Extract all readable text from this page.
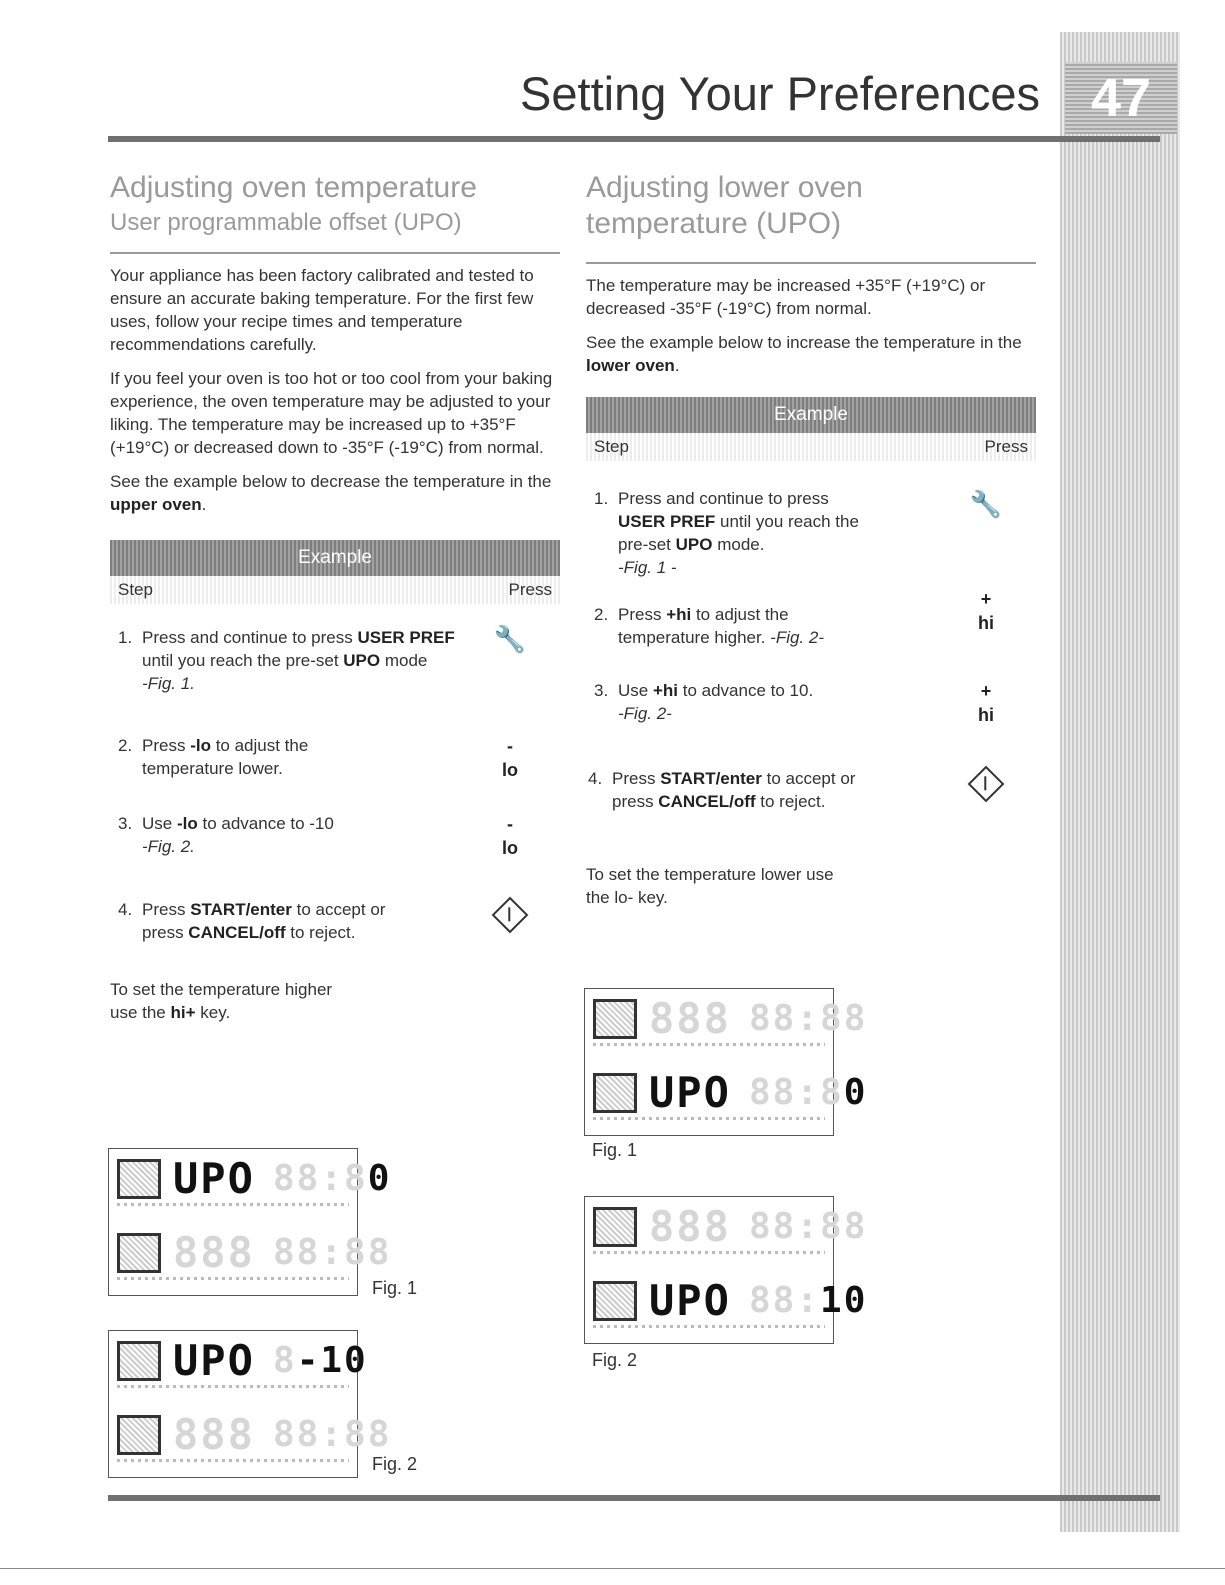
47
Setting Your Preferences
Adjusting oven temperature
User programmable offset (UPO)

Your appliance has been factory calibrated and tested to ensure an accurate baking temperature. For the first few uses, follow your recipe times and temperature recommendations carefully.

If you feel your oven is too hot or too cool from your baking experience, the oven temperature may be adjusted to your liking. The temperature may be increased up to +35°F (+19°C) or decreased down to -35°F (-19°C) from normal.

See the example below to decrease the temperature in the upper oven.

Example
Step	Press
1. Press and continue to press USER PREF until you reach the pre-set UPO mode
-Fig. 1.
🔧
2. Press -lo to adjust the temperature lower.
-
lo
3. Use -lo to advance to -10
-Fig. 2.
-
lo
4. Press START/enter to accept or press CANCEL/off to reject.

To set the temperature higher use the hi+ key.

UPO 88:80
888 88:88
Fig. 1
UPO 8-10
888 88:88
Fig. 2
Adjusting lower oven
temperature (UPO)

The temperature may be increased +35°F (+19°C) or decreased -35°F (-19°C) from normal.

See the example below to increase the temperature in the lower oven.

Example
Step	Press
1. Press and continue to press USER PREF until you reach the pre-set UPO mode.
-Fig. 1 -
🔧
2. Press +hi to adjust the temperature higher. -Fig. 2-
+
hi
3. Use +hi to advance to 10.
-Fig. 2-
+
hi
4. Press START/enter to accept or press CANCEL/off to reject.

To set the temperature lower use the lo- key.

888 88:88
UPO 88:80
Fig. 1
888 88:88
UPO 88:10
Fig. 2
